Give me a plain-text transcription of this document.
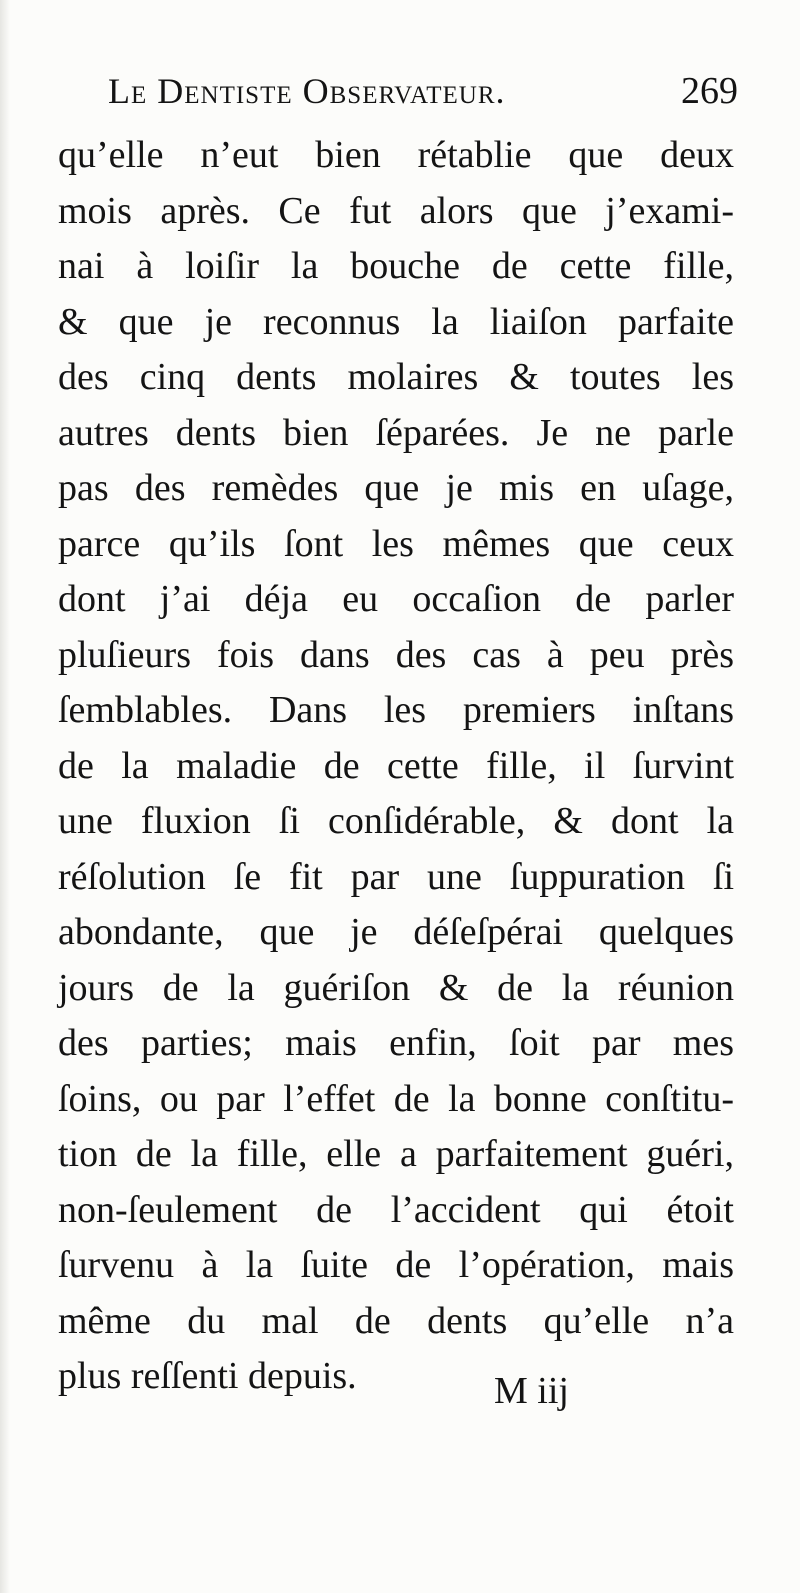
Le Dentiste Observateur.	269
qu’elle n’eut bien rétablie que deux
mois après. Ce fut alors que j’exami-
nai à loiſir la bouche de cette fille,
& que je reconnus la liaiſon parfaite
des cinq dents molaires & toutes les
autres dents bien ſéparées. Je ne parle
pas des remèdes que je mis en uſage,
parce qu’ils ſont les mêmes que ceux
dont j’ai déja eu occaſion de parler
pluſieurs fois dans des cas à peu près
ſemblables. Dans les premiers inſtans
de la maladie de cette fille, il ſurvint
une fluxion ſi conſidérable, & dont la
réſolution ſe fit par une ſuppuration ſi
abondante, que je déſeſpérai quelques
jours de la guériſon & de la réunion
des parties; mais enfin, ſoit par mes
ſoins, ou par l’effet de la bonne conſtitu-
tion de la fille, elle a parfaitement guéri,
non-ſeulement de l’accident qui étoit
ſurvenu à la ſuite de l’opération, mais
même du mal de dents qu’elle n’a
plus reſſenti depuis.	M iij
